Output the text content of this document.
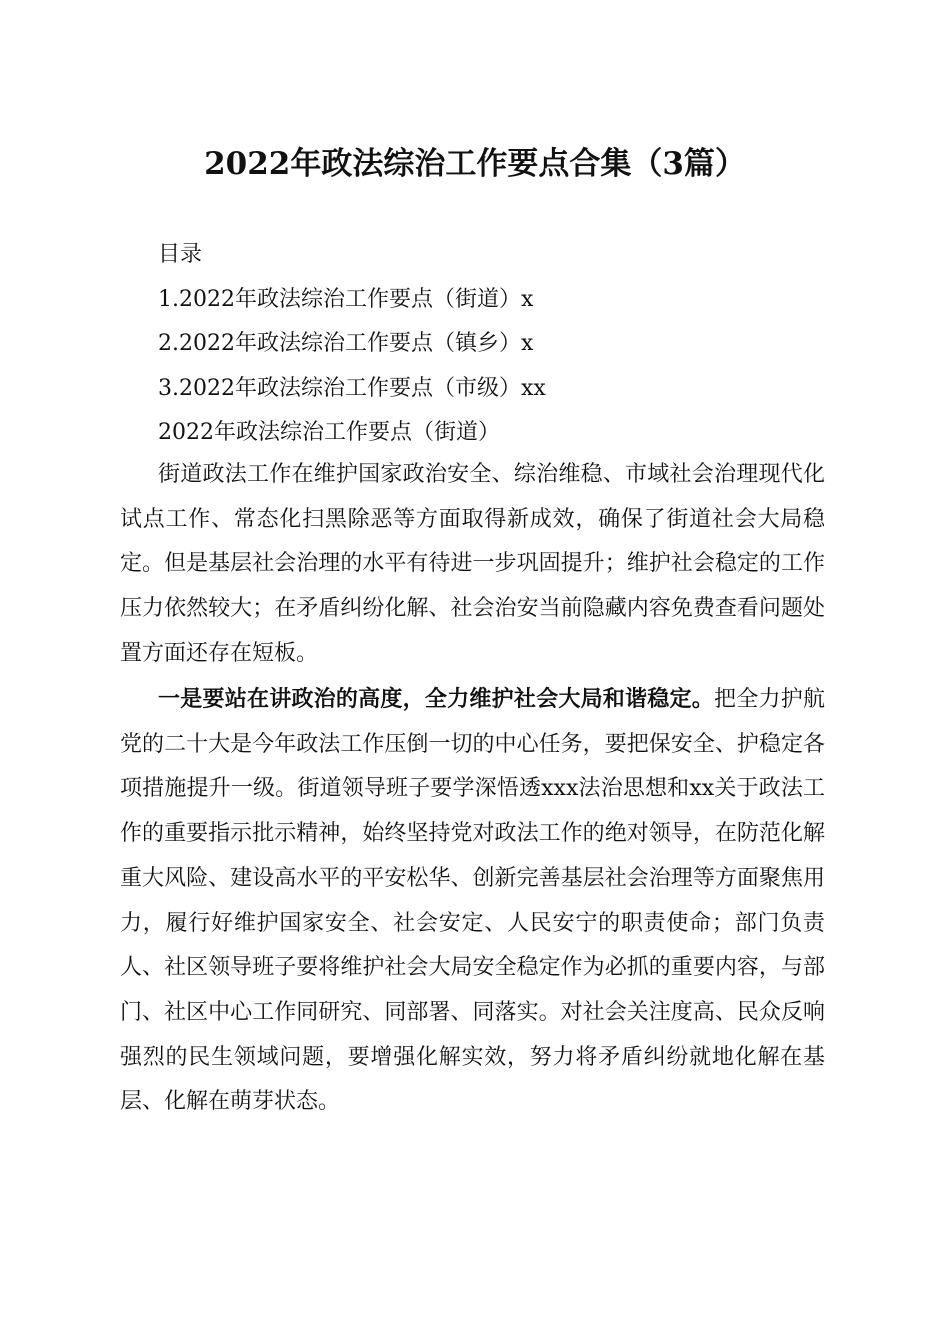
2022年政法综治工作要点合集（3篇）
目录
1.2022年政法综治工作要点（街道）x
2.2022年政法综治工作要点（镇乡）x
3.2022年政法综治工作要点（市级）xx
2022年政法综治工作要点（街道）

街道政法工作在维护国家政治安全、综治维稳、市域社会治理现代化试点工作、常态化扫黑除恶等方面取得新成效，确保了街道社会大局稳定。但是基层社会治理的水平有待进一步巩固提升；维护社会稳定的工作压力依然较大；在矛盾纠纷化解、社会治安当前隐藏内容免费查看问题处置方面还存在短板。

一是要站在讲政治的高度，全力维护社会大局和谐稳定。把全力护航党的二十大是今年政法工作压倒一切的中心任务，要把保安全、护稳定各项措施提升一级。街道领导班子要学深悟透xxx法治思想和xx关于政法工作的重要指示批示精神，始终坚持党对政法工作的绝对领导，在防范化解重大风险、建设高水平的平安松华、创新完善基层社会治理等方面聚焦用力，履行好维护国家安全、社会安定、人民安宁的职责使命；部门负责人、社区领导班子要将维护社会大局安全稳定作为必抓的重要内容，与部门、社区中心工作同研究、同部署、同落实。对社会关注度高、民众反响强烈的民生领域问题，要增强化解实效，努力将矛盾纠纷就地化解在基层、化解在萌芽状态。
